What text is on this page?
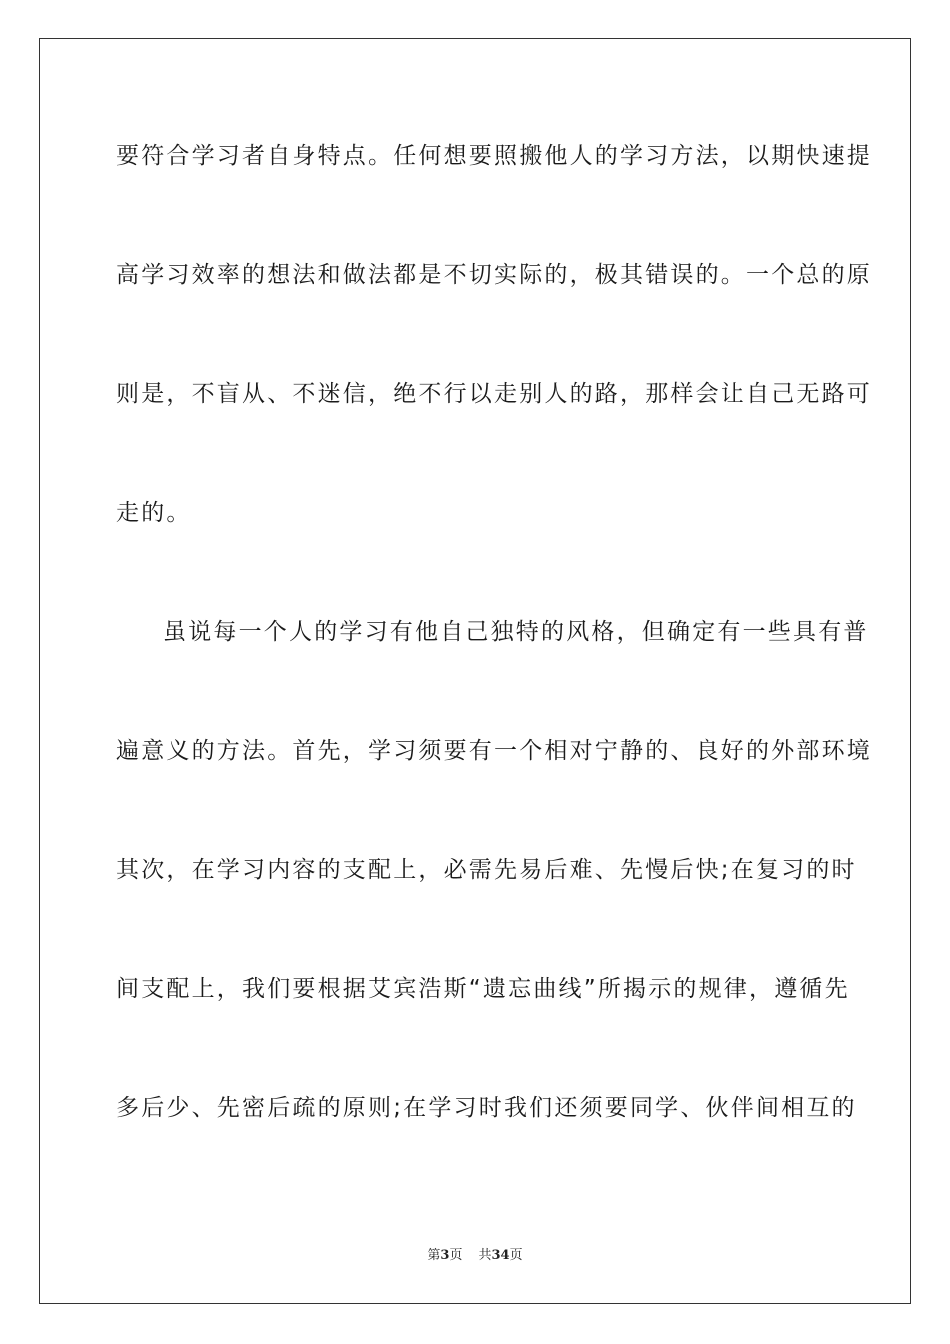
要符合学习者自身特点。任何想要照搬他人的学习方法，以期快速提
高学习效率的想法和做法都是不切实际的，极其错误的。一个总的原
则是，不盲从、不迷信，绝不行以走别人的路，那样会让自己无路可
走的。
虽说每一个人的学习有他自己独特的风格，但确定有一些具有普
遍意义的方法。首先，学习须要有一个相对宁静的、良好的外部环境
其次，在学习内容的支配上，必需先易后难、先慢后快;在复习的时
间支配上，我们要根据艾宾浩斯“遗忘曲线”所揭示的规律，遵循先
多后少、先密后疏的原则;在学习时我们还须要同学、伙伴间相互的
第3页 共34页
